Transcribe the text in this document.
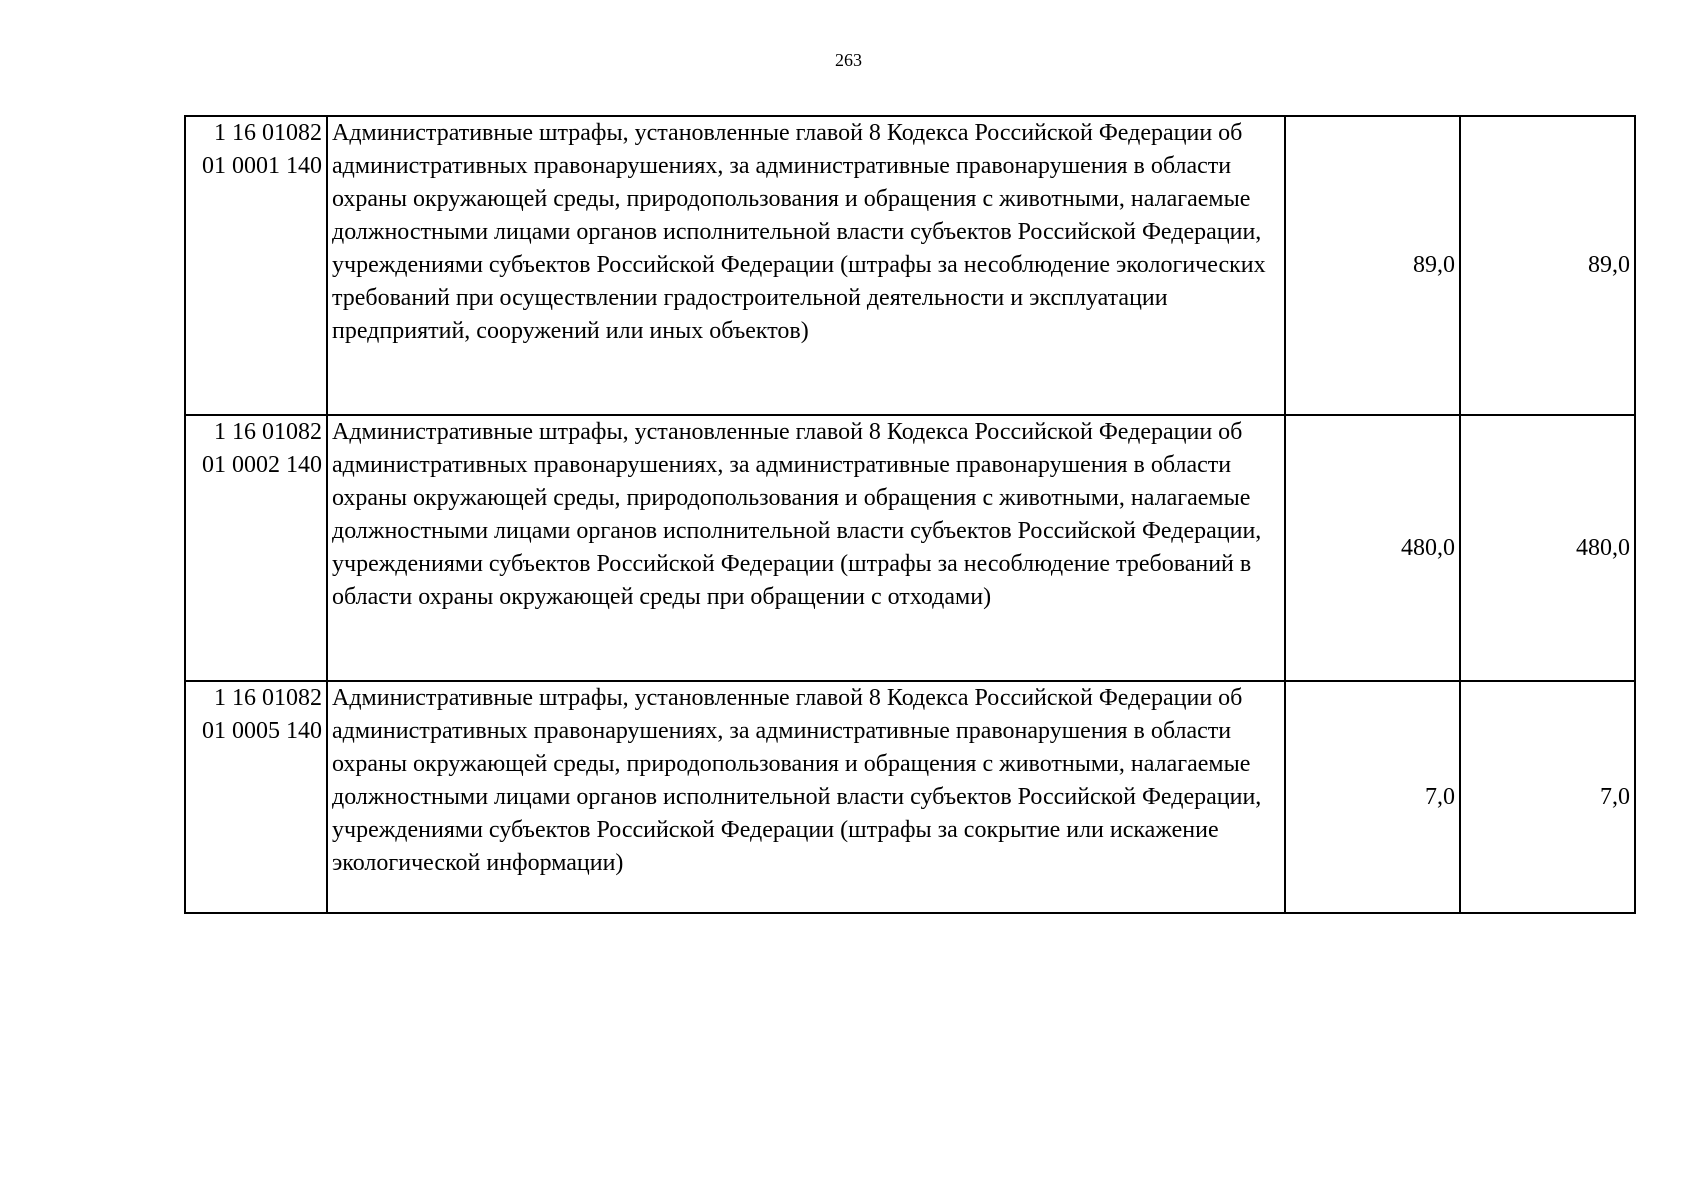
263
1 16 01082
01 0001 140	Административные штрафы, установленные главой 8 Кодекса Российской Федерации об административных правонарушениях, за административные правонарушения в области охраны окружающей среды, природопользования и обращения с животными, налагаемые должностными лицами органов исполнительной власти субъектов Российской Федерации, учреждениями субъектов Российской Федерации (штрафы за несоблюдение экологических требований при осуществлении градостроительной деятельности и эксплуатации предприятий, сооружений или иных объектов)	89,0	89,0
1 16 01082
01 0002 140	Административные штрафы, установленные главой 8 Кодекса Российской Федерации об административных правонарушениях, за административные правонарушения в области охраны окружающей среды, природопользования и обращения с животными, налагаемые должностными лицами органов исполнительной власти субъектов Российской Федерации, учреждениями субъектов Российской Федерации (штрафы за несоблюдение требований в области охраны окружающей среды при обращении с отходами)	480,0	480,0
1 16 01082
01 0005 140	Административные штрафы, установленные главой 8 Кодекса Российской Федерации об административных правонарушениях, за административные правонарушения в области охраны окружающей среды, природопользования и обращения с животными, налагаемые должностными лицами органов исполнительной власти субъектов Российской Федерации, учреждениями субъектов Российской Федерации (штрафы за сокрытие или искажение экологической информации)	7,0	7,0
